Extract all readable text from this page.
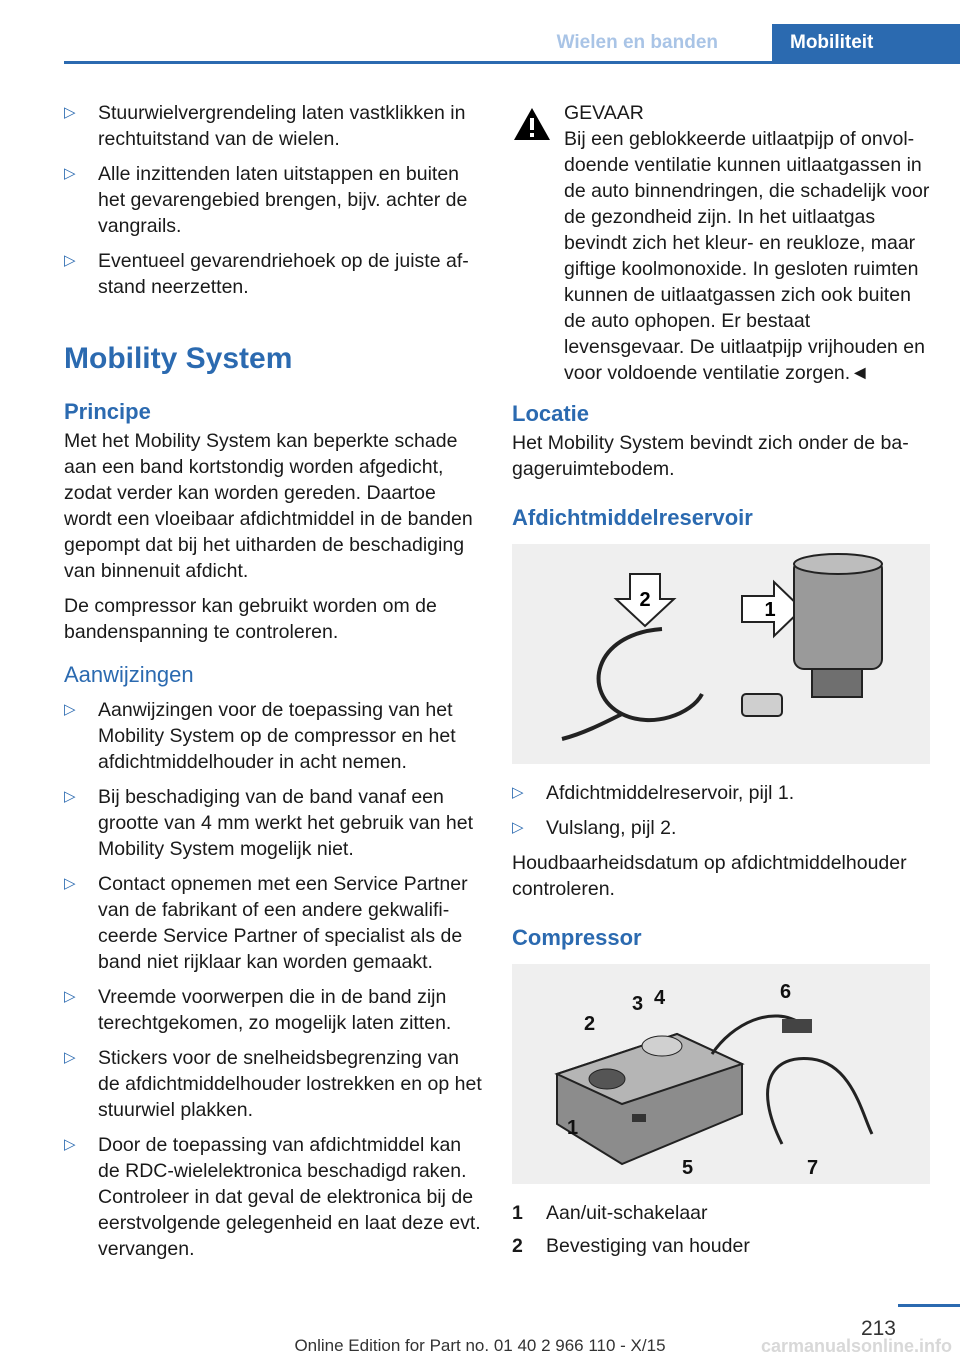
Wielen en banden	Mobiliteit
▷ Stuurwielvergrendeling laten vastklikken in rechtuitstand van de wielen.
▷ Alle inzittenden laten uitstappen en buiten het gevarengebied brengen, bijv. achter de vangrails.
▷ Eventueel gevarendriehoek op de juiste afstand neerzetten.
Mobility System
Principe

Met het Mobility System kan beperkte schade aan een band kortstondig worden afgedicht, zodat verder kan worden gereden. Daartoe wordt een vloeibaar afdichtmiddel in de banden gepompt dat bij het uitharden de beschadiging van binnenuit afdicht.

De compressor kan gebruikt worden om de bandenspanning te controleren.

Aanwijzingen
▷ Aanwijzingen voor de toepassing van het Mobility System op de compressor en het afdichtmiddelhouder in acht nemen.
▷ Bij beschadiging van de band vanaf een grootte van 4 mm werkt het gebruik van het Mobility System mogelijk niet.
▷ Contact opnemen met een Service Partner van de fabrikant of een andere gekwalificeerde Service Partner of specialist als de band niet rijklaar kan worden gemaakt.
▷ Vreemde voorwerpen die in de band zijn terechtgekomen, zo mogelijk laten zitten.
▷ Stickers voor de snelheidsbegrenzing van de afdichtmiddelhouder lostrekken en op het stuurwiel plakken.
▷ Door de toepassing van afdichtmiddel kan de RDC-wielelektronica beschadigd raken. Controleer in dat geval de elektronica bij de eerstvolgende gelegenheid en laat deze evt. vervangen.

GEVAAR

Bij een geblokkeerde uitlaatpijp of onvoldoende ventilatie kunnen uitlaatgassen in de auto binnendringen, die schadelijk voor de gezondheid zijn. In het uitlaatgas bevindt zich het kleur- en reukloze, maar giftige koolmonoxide. In gesloten ruimten kunnen de uitlaatgassen zich ook buiten de auto ophopen. Er bestaat levensgevaar. De uitlaatpijp vrijhouden en voor voldoende ventilatie zorgen.◄

Locatie

Het Mobility System bevindt zich onder de bagageruimtebodem.

Afdichtmiddelreservoir
2	1
▷ Afdichtmiddelreservoir, pijl 1.
▷ Vulslang, pijl 2.

Houdbaarheidsdatum op afdichtmiddelhouder controleren.

Compressor
1
2
3 4
5
6
7
1 Aan/uit-schakelaar
2 Bevestiging van houder
213
Online Edition for Part no. 01 40 2 966 110 - X/15	carmanualsonline.info
